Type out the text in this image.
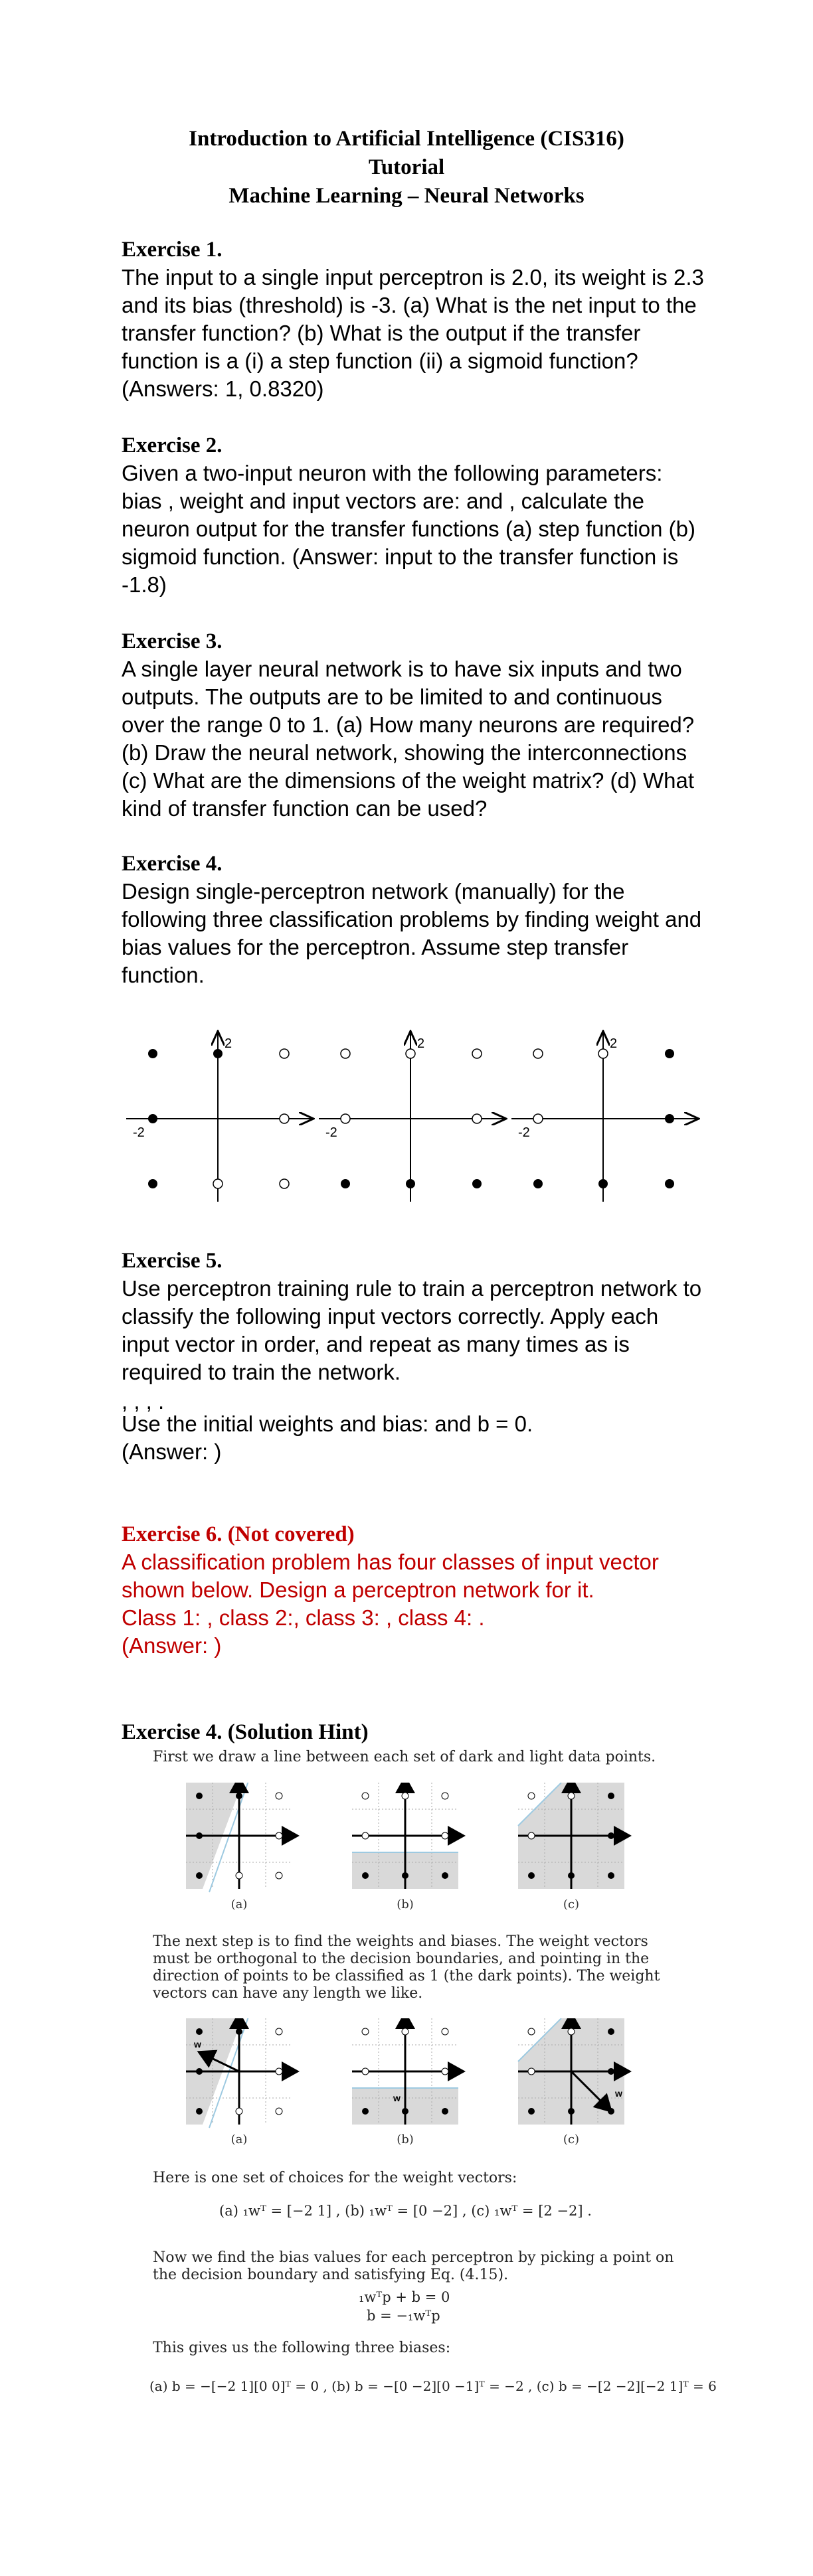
Introduction to Artificial Intelligence (CIS316)
Tutorial
Machine Learning – Neural Networks
Exercise 1.
The input to a single input perceptron is 2.0, its weight is 2.3 and its bias (threshold) is -3. (a) What is the net input to the transfer function? (b) What is the output if the transfer function is a (i) a step function (ii) a sigmoid function?
(Answers: 1, 0.8320)
Exercise 2.
Given a two-input neuron with the following parameters: bias , weight and input vectors are: and , calculate the neuron output for the transfer functions (a) step function (b) sigmoid function. (Answer: input to the transfer function is -1.8)
Exercise 3.
A single layer neural network is to have six inputs and two outputs. The outputs are to be limited to and continuous over the range 0 to 1. (a) How many neurons are required? (b) Draw the neural network, showing the interconnections (c) What are the dimensions of the weight matrix? (d) What kind of transfer function can be used?
Exercise 4.
Design single-perceptron network (manually) for the following three classification problems by finding weight and bias values for the perceptron. Assume step transfer function.
2
-2
2
-2
2
-2
Exercise 5.
Use perceptron training rule to train a perceptron network to classify the following input vectors correctly. Apply each input vector in order, and repeat as many times as is required to train the network.
, , , .
Use the initial weights and bias: and b = 0.
(Answer: )
Exercise 6. (Not covered)
A classification problem has four classes of input vector
shown below. Design a perceptron network for it.
Class 1: , class 2:, class 3: , class 4: .
(Answer: )
Exercise 4. (Solution Hint)
First we draw a line between each set of dark and light data points.
(a)	(b)	(c)
The next step is to find the weights and biases. The weight vectors must be orthogonal to the decision boundaries, and pointing in the direction of points to be classified as 1 (the dark points). The weight vectors can have any length we like.
w
w	w
(a)	(b)	(c)
Here is one set of choices for the weight vectors:
(a) ₁wᵀ = [−2 1] , (b) ₁wᵀ = [0 −2] , (c) ₁wᵀ = [2 −2] .
Now we find the bias values for each perceptron by picking a point on the decision boundary and satisfying Eq. (4.15).
₁wᵀp + b = 0
b = −₁wᵀp
This gives us the following three biases:
(a) b = −[−2 1][0 0]ᵀ = 0 , (b) b = −[0 −2][0 −1]ᵀ = −2 , (c) b = −[2 −2][−2 1]ᵀ = 6
